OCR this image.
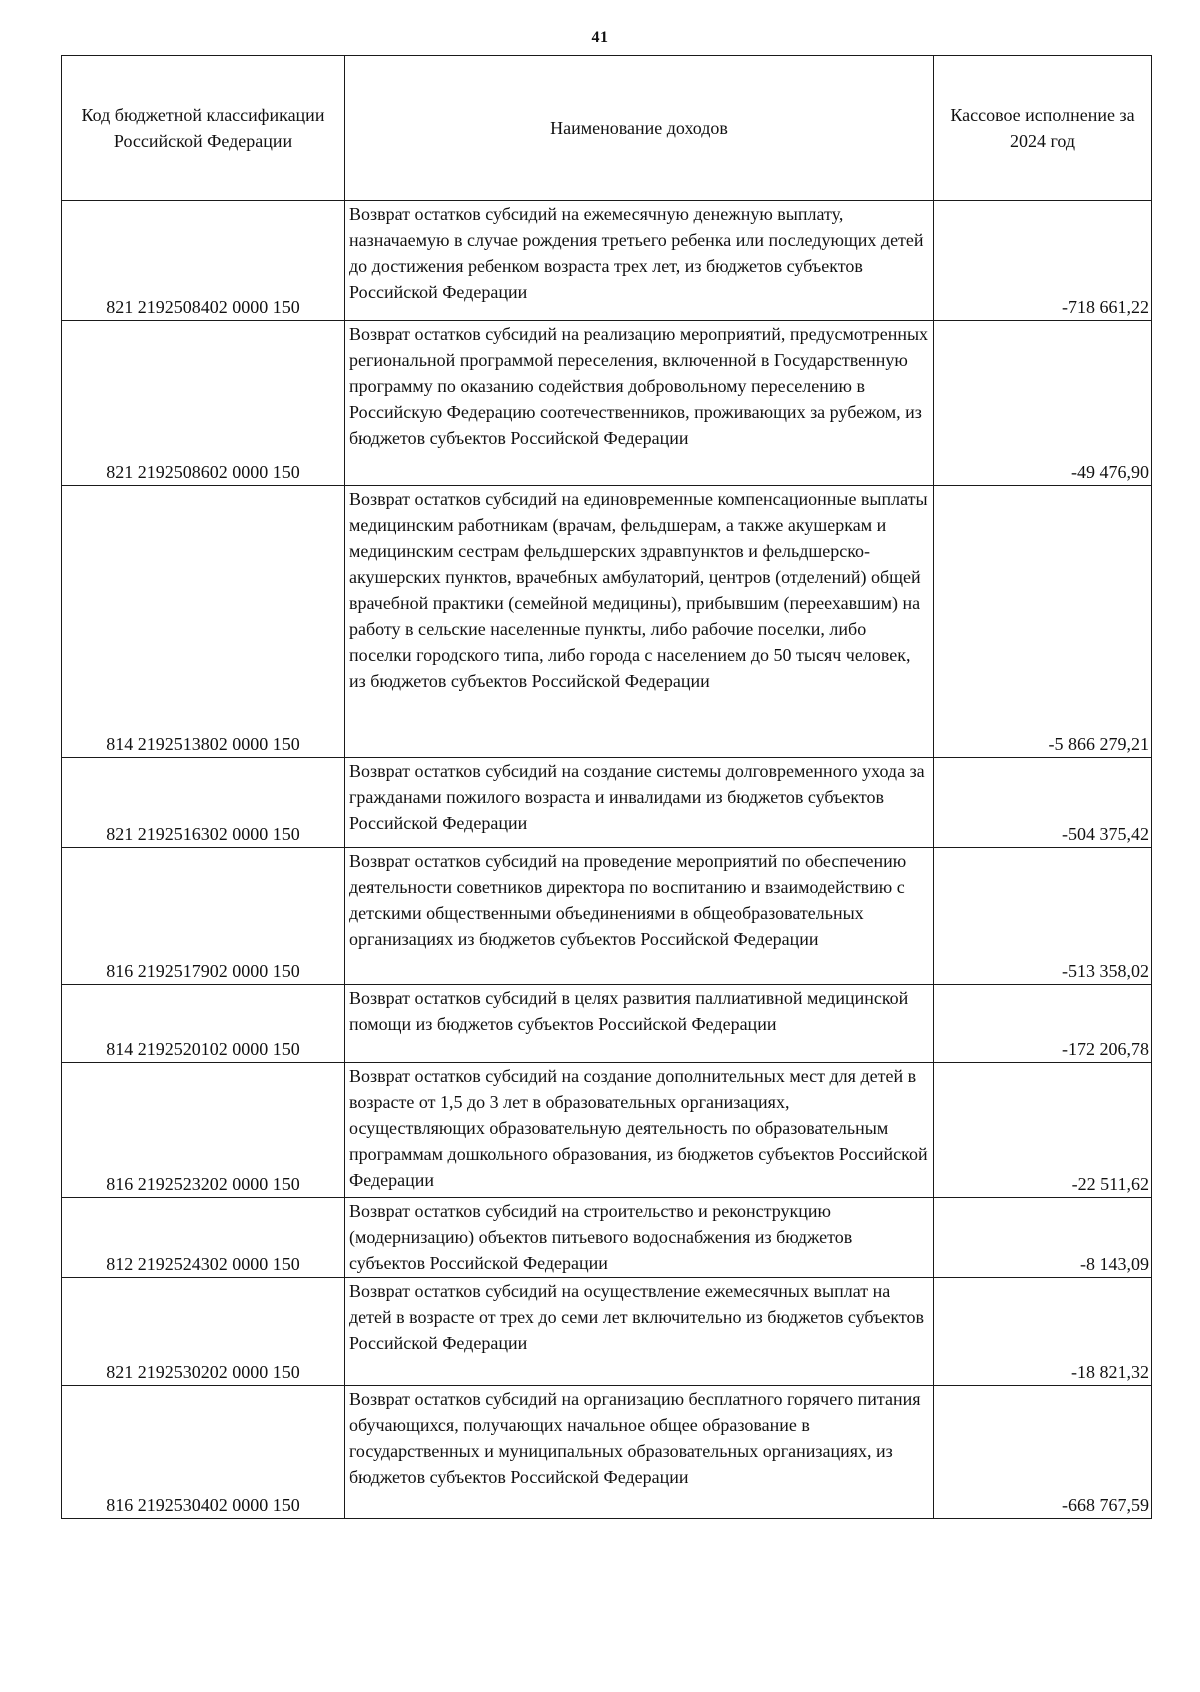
41
Код бюджетной классификации Российской Федерации	Наименование доходов	Кассовое исполнение за 2024 год
821 2192508402 0000 150	Возврат остатков субсидий на ежемесячную денежную выплату, назначаемую в случае рождения третьего ребенка или последующих детей до достижения ребенком возраста трех лет, из бюджетов субъектов Российской Федерации	-718 661,22
821 2192508602 0000 150	Возврат остатков субсидий на реализацию мероприятий, предусмотренных региональной программой переселения, включенной в Государственную программу по оказанию содействия добровольному переселению в Российскую Федерацию соотечественников, проживающих за рубежом, из бюджетов субъектов Российской Федерации	-49 476,90
814 2192513802 0000 150	Возврат остатков субсидий на единовременные компенсационные выплаты медицинским работникам (врачам, фельдшерам, а также акушеркам и медицинским сестрам фельдшерских здравпунктов и фельдшерско-акушерских пунктов, врачебных амбулаторий, центров (отделений) общей врачебной практики (семейной медицины), прибывшим (переехавшим) на работу в сельские населенные пункты, либо рабочие поселки, либо поселки городского типа, либо города с населением до 50 тысяч человек, из бюджетов субъектов Российской Федерации	-5 866 279,21
821 2192516302 0000 150	Возврат остатков субсидий на создание системы долговременного ухода за гражданами пожилого возраста и инвалидами из бюджетов субъектов Российской Федерации	-504 375,42
816 2192517902 0000 150	Возврат остатков субсидий на проведение мероприятий по обеспечению деятельности советников директора по воспитанию и взаимодействию с детскими общественными объединениями в общеобразовательных организациях из бюджетов субъектов Российской Федерации	-513 358,02
814 2192520102 0000 150	Возврат остатков субсидий в целях развития паллиативной медицинской помощи из бюджетов субъектов Российской Федерации	-172 206,78
816 2192523202 0000 150	Возврат остатков субсидий на создание дополнительных мест для детей в возрасте от 1,5 до 3 лет в образовательных организациях, осуществляющих образовательную деятельность по образовательным программам дошкольного образования, из бюджетов субъектов Российской Федерации	-22 511,62
812 2192524302 0000 150	Возврат остатков субсидий на строительство и реконструкцию (модернизацию) объектов питьевого водоснабжения из бюджетов субъектов Российской Федерации	-8 143,09
821 2192530202 0000 150	Возврат остатков субсидий на осуществление ежемесячных выплат на детей в возрасте от трех до семи лет включительно из бюджетов субъектов Российской Федерации	-18 821,32
816 2192530402 0000 150	Возврат остатков субсидий на организацию бесплатного горячего питания обучающихся, получающих начальное общее образование в государственных и муниципальных образовательных организациях, из бюджетов субъектов Российской Федерации	-668 767,59
